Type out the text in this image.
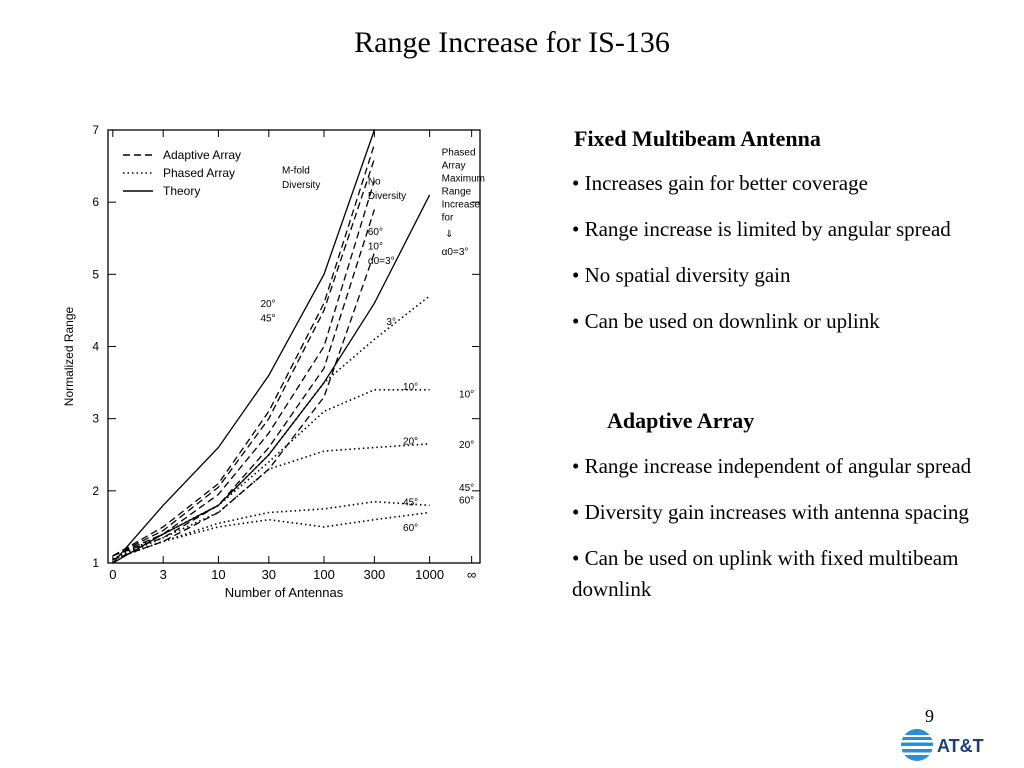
Range Increase for IS-136
1
2
3
4
5
6
7
0	3	10	30	100 300 1000 ∞
Number of Antennas
Normalized Range
Adaptive Array
Phased Array
Theory
M-fold
Diversity	No
Diversity
60°
10°
α0=3°
20°
45°
Phased
Array
Maximum
Range
Increase
for
⇓
α0=3°
3°
10°
10°
20°	20°
45°
45°
60°
60°
Fixed Multibeam Antenna

• Increases gain for better coverage

• Range increase is limited by angular spread

• No spatial diversity gain

• Can be used on downlink or uplink

Adaptive Array

• Range increase independent of angular spread

• Diversity gain increases with antenna spacing

• Can be used on uplink with fixed multibeam downlink

9
AT&T
